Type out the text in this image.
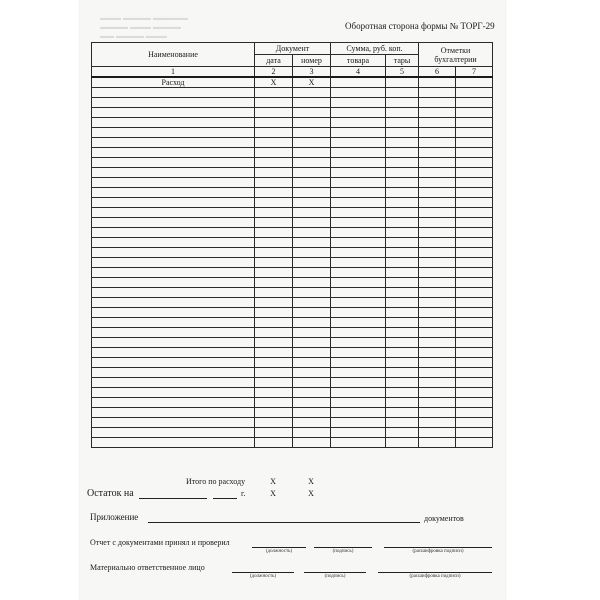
▬▬▬ ▬▬▬▬ ▬▬▬▬▬
▬▬▬▬ ▬▬▬ ▬▬▬▬
▬▬ ▬▬▬▬ ▬▬▬
Оборотная сторона формы № ТОРГ-29
Наименование	Документ		Сумма, руб. коп.		Отметки бухгалтерии	
	дата	номер	товара	тары		
1	2	3	4	5	6	7
Расход	X	X				

Итого по расходу	X	X
Остаток на	г.	X	X
Приложение	документов
Отчет с документами принял и проверил
(должность)	(подпись)	(расшифровка подписи)
Материально ответственное лицо
(должность)	(подпись)	(расшифровка подписи)
